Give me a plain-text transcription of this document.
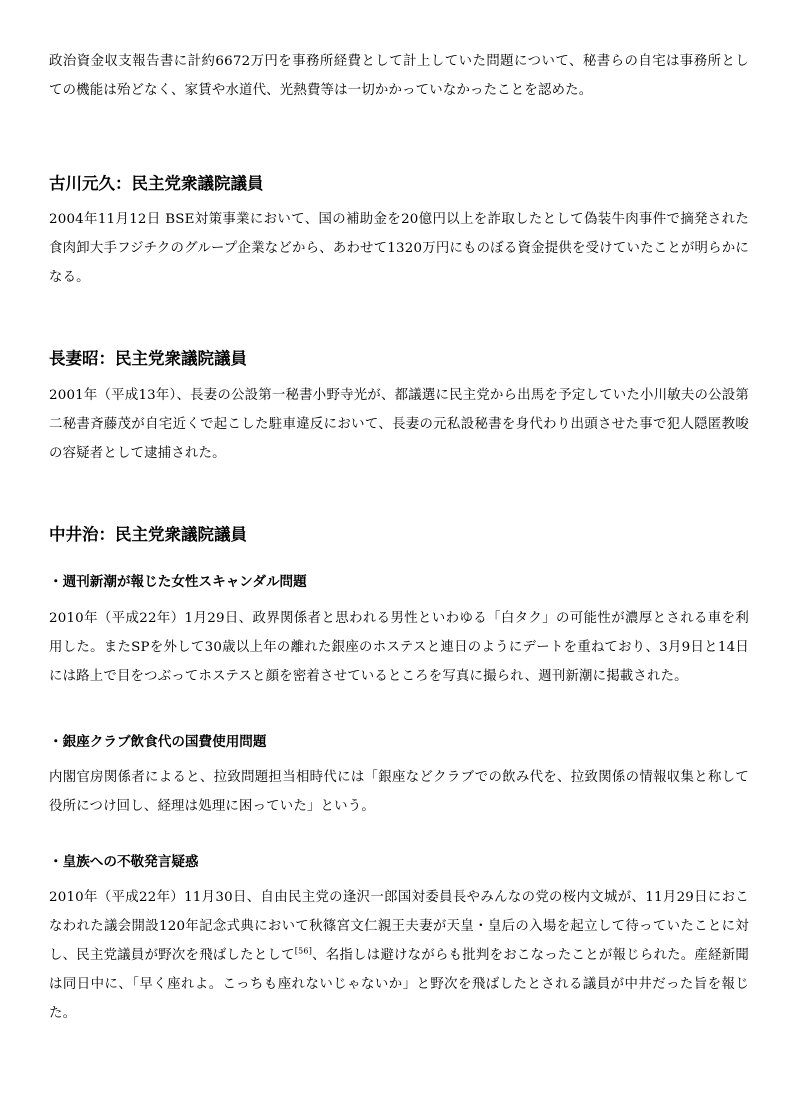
政治資金収支報告書に計約6672万円を事務所経費として計上していた問題について、秘書らの自宅は事務所としての機能は殆どなく、家賃や水道代、光熱費等は一切かかっていなかったことを認めた。

古川元久：民主党衆議院議員

2004年11月12日 BSE対策事業において、国の補助金を20億円以上を詐取したとして偽装牛肉事件で摘発された食肉卸大手フジチクのグループ企業などから、あわせて1320万円にものぼる資金提供を受けていたことが明らかになる。

長妻昭：民主党衆議院議員

2001年（平成13年）、長妻の公設第一秘書小野寺光が、都議選に民主党から出馬を予定していた小川敏夫の公設第二秘書斉藤茂が自宅近くで起こした駐車違反において、長妻の元私設秘書を身代わり出頭させた事で犯人隠匿教唆の容疑者として逮捕された。

中井治：民主党衆議院議員
・週刊新潮が報じた女性スキャンダル問題

2010年（平成22年）1月29日、政界関係者と思われる男性といわゆる「白タク」の可能性が濃厚とされる車を利用した。またSPを外して30歳以上年の離れた銀座のホステスと連日のようにデートを重ねており、3月9日と14日には路上で目をつぶってホステスと顔を密着させているところを写真に撮られ、週刊新潮に掲載された。

・銀座クラブ飲食代の国費使用問題

内閣官房関係者によると、拉致問題担当相時代には「銀座などクラブでの飲み代を、拉致関係の情報収集と称して役所につけ回し、経理は処理に困っていた」という。

・皇族への不敬発言疑惑

2010年（平成22年）11月30日、自由民主党の逢沢一郎国対委員長やみんなの党の桜内文城が、11月29日におこなわれた議会開設120年記念式典において秋篠宮文仁親王夫妻が天皇・皇后の入場を起立して待っていたことに対し、民主党議員が野次を飛ばしたとして[56]、名指しは避けながらも批判をおこなったことが報じられた。産経新聞は同日中に、「早く座れよ。こっちも座れないじゃないか」と野次を飛ばしたとされる議員が中井だった旨を報じた。
